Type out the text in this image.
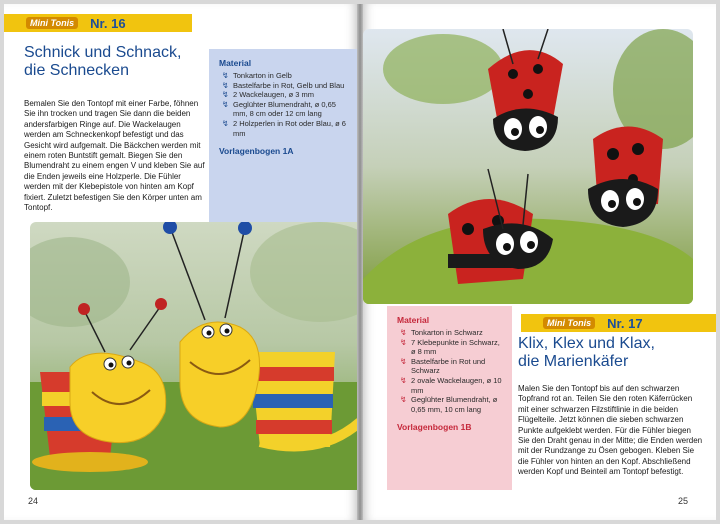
Mini Tonis	Nr. 16
Schnick und Schnack,
die Schnecken
Bemalen Sie den Tontopf mit einer Farbe, föhnen Sie ihn trocken und tragen Sie dann die beiden andersfarbigen Ringe auf. Die Wackelaugen werden am Schneckenkopf befestigt und das Gesicht wird aufgemalt. Die Bäckchen werden mit einem roten Buntstift gemalt. Biegen Sie den Blumendraht zu einem engen V und kleben Sie auf die Enden jeweils eine Holzperle. Die Fühler werden mit der Klebepistole von hinten am Kopf fixiert. Zuletzt befestigen Sie den Körper unten am Tontopf.
Material
↯ Tonkarton in Gelb
↯ Bastelfarbe in Rot, Gelb und Blau
↯ 2 Wackelaugen, ø 3 mm
↯ Geglühter Blumendraht, ø 0,65 mm, 8 cm oder 12 cm lang
↯ 2 Holzperlen in Rot oder Blau, ø 6 mm
Vorlagenbogen 1A
24
Mini Tonis	Nr. 17
Material
↯ Tonkarton in Schwarz
↯ 7 Klebepunkte in Schwarz, ø 8 mm
↯ Bastelfarbe in Rot und Schwarz
↯ 2 ovale Wackelaugen, ø 10 mm
↯ Geglühter Blumendraht, ø 0,65 mm, 10 cm lang
Vorlagenbogen 1B
Klix, Klex und Klax,
die Marienkäfer
Malen Sie den Tontopf bis auf den schwarzen Topfrand rot an. Teilen Sie den roten Käferrücken mit einer schwarzen Filzstiftlinie in die beiden Flügelteile. Jetzt können die sieben schwarzen Punkte aufgeklebt werden. Für die Fühler biegen Sie den Draht genau in der Mitte; die Enden werden mit der Rundzange zu Ösen gebogen. Kleben Sie die Fühler von hinten an den Kopf. Abschließend werden Kopf und Beinteil am Tontopf befestigt.
25
